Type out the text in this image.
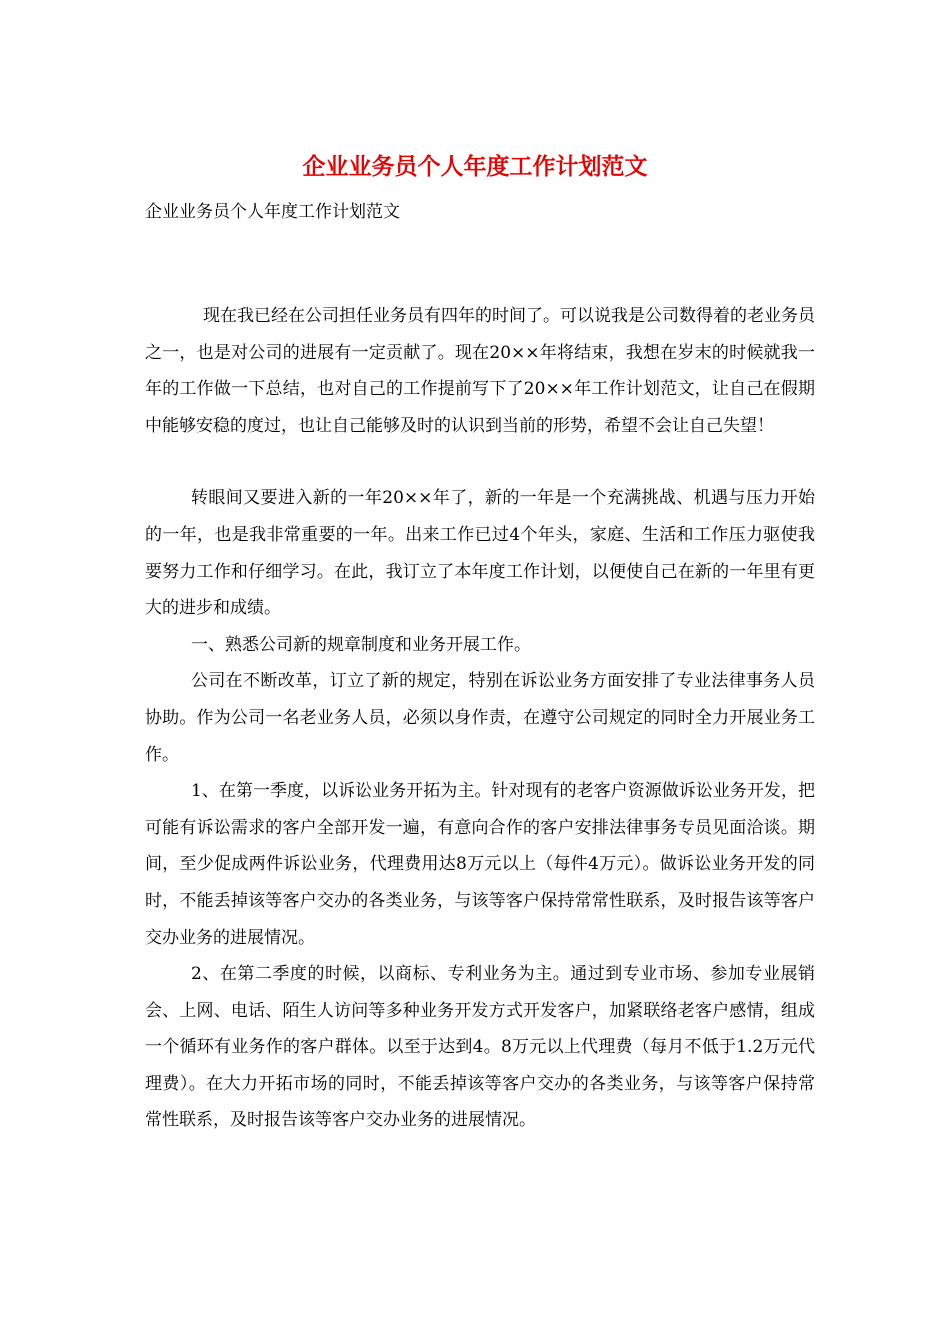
企业业务员个人年度工作计划范文

企业业务员个人年度工作计划范文

现在我已经在公司担任业务员有四年的时间了。可以说我是公司数得着的老业务员之一，也是对公司的进展有一定贡献了。现在20××年将结束，我想在岁末的时候就我一年的工作做一下总结，也对自己的工作提前写下了20××年工作计划范文，让自己在假期中能够安稳的度过，也让自己能够及时的认识到当前的形势，希望不会让自己失望！

转眼间又要进入新的一年20××年了，新的一年是一个充满挑战、机遇与压力开始的一年，也是我非常重要的一年。出来工作已过4个年头，家庭、生活和工作压力驱使我要努力工作和仔细学习。在此，我订立了本年度工作计划，以便使自己在新的一年里有更大的进步和成绩。

一、熟悉公司新的规章制度和业务开展工作。

公司在不断改革，订立了新的规定，特别在诉讼业务方面安排了专业法律事务人员协助。作为公司一名老业务人员，必须以身作责，在遵守公司规定的同时全力开展业务工作。

1、在第一季度，以诉讼业务开拓为主。针对现有的老客户资源做诉讼业务开发，把可能有诉讼需求的客户全部开发一遍，有意向合作的客户安排法律事务专员见面洽谈。期间，至少促成两件诉讼业务，代理费用达8万元以上（每件4万元）。做诉讼业务开发的同时，不能丢掉该等客户交办的各类业务，与该等客户保持常常性联系，及时报告该等客户交办业务的进展情况。

2、在第二季度的时候，以商标、专利业务为主。通过到专业市场、参加专业展销会、上网、电话、陌生人访问等多种业务开发方式开发客户，加紧联络老客户感情，组成一个循环有业务作的客户群体。以至于达到4。8万元以上代理费（每月不低于1.2万元代理费）。在大力开拓市场的同时，不能丢掉该等客户交办的各类业务，与该等客户保持常常性联系，及时报告该等客户交办业务的进展情况。
